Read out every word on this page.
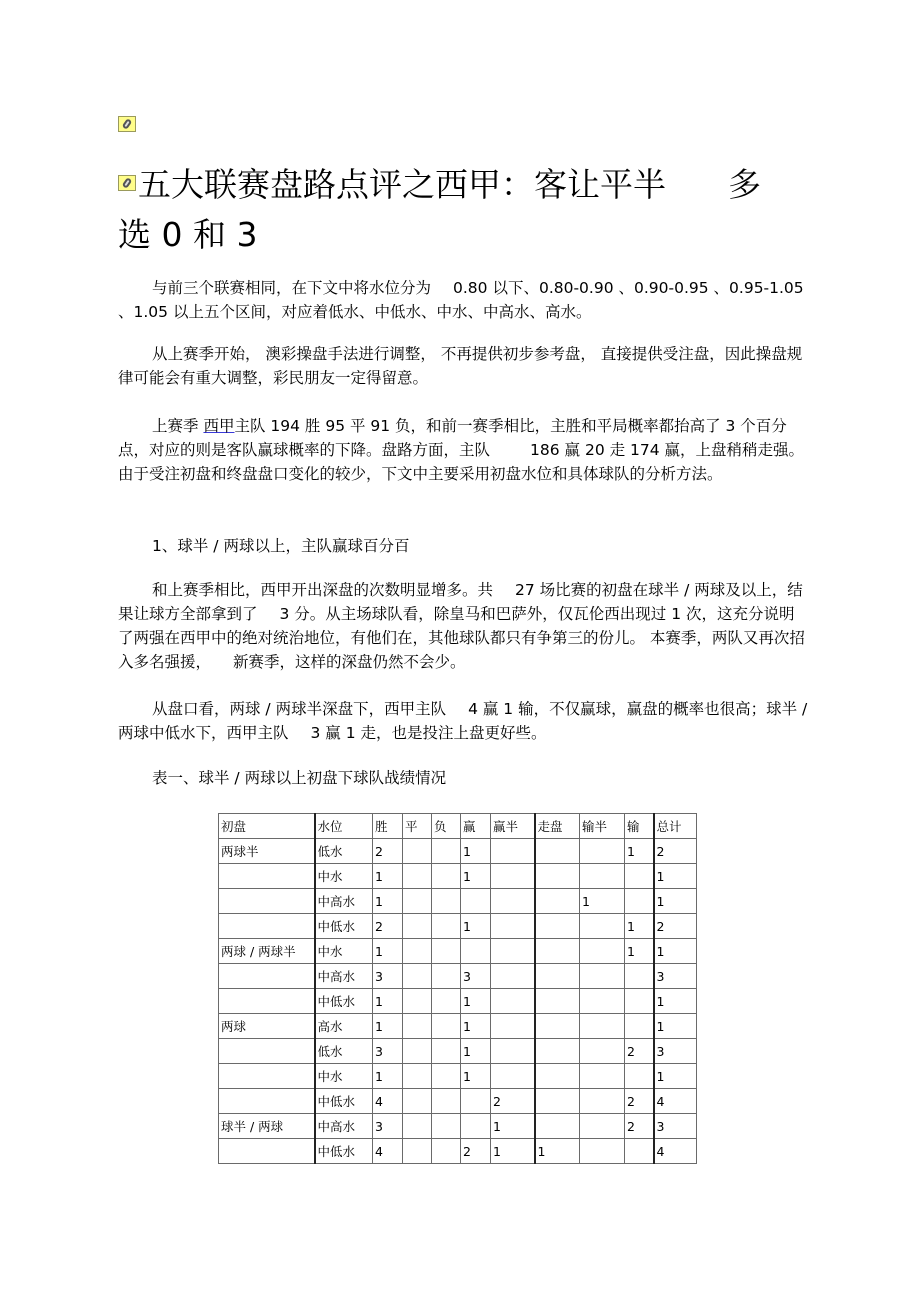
五大联赛盘路点评之西甲：客让平半 多
选 0 和 3
与前三个联赛相同，在下文中将水位分为 0.80 以下、0.80-0.90 、0.90-0.95 、0.95-1.05 、1.05 以上五个区间，对应着低水、中低水、中水、中高水、高水。
从上赛季开始， 澳彩操盘手法进行调整， 不再提供初步参考盘， 直接提供受注盘，因此操盘规律可能会有重大调整，彩民朋友一定得留意。
上赛季 西甲主队 194 胜 95 平 91 负，和前一赛季相比，主胜和平局概率都抬高了 3 个百分点，对应的则是客队赢球概率的下降。盘路方面，主队	186 赢 20 走 174 赢，上盘稍稍走强。由于受注初盘和终盘盘口变化的较少，下文中主要采用初盘水位和具体球队的分析方法。
1、球半 / 两球以上，主队赢球百分百
和上赛季相比，西甲开出深盘的次数明显增多。共 27 场比赛的初盘在球半 / 两球及以上，结果让球方全部拿到了 3 分。从主场球队看，除皇马和巴萨外，仅瓦伦西出现过 1 次，这充分说明了两强在西甲中的绝对统治地位，有他们在，其他球队都只有争第三的份儿。 本赛季，两队又再次招入多名强援， 新赛季，这样的深盘仍然不会少。
从盘口看，两球 / 两球半深盘下，西甲主队 4 赢 1 输，不仅赢球，赢盘的概率也很高；球半 / 两球中低水下，西甲主队 3 赢 1 走，也是投注上盘更好些。
表一、球半 / 两球以上初盘下球队战绩情况
初盘	水位	胜	平	负	赢	赢半	走盘	输半	输	总计
两球半	低水	2			1				1	2
	中水	1			1					1
	中高水	1						1		1
	中低水	2			1				1	2
两球 / 两球半	中水	1							1	1
	中高水	3			3					3
	中低水	1			1					1
两球	高水	1			1					1
	低水	3			1				2	3
	中水	1			1					1
	中低水	4				2			2	4
球半 / 两球	中高水	3				1			2	3
	中低水	4			2	1	1			4
